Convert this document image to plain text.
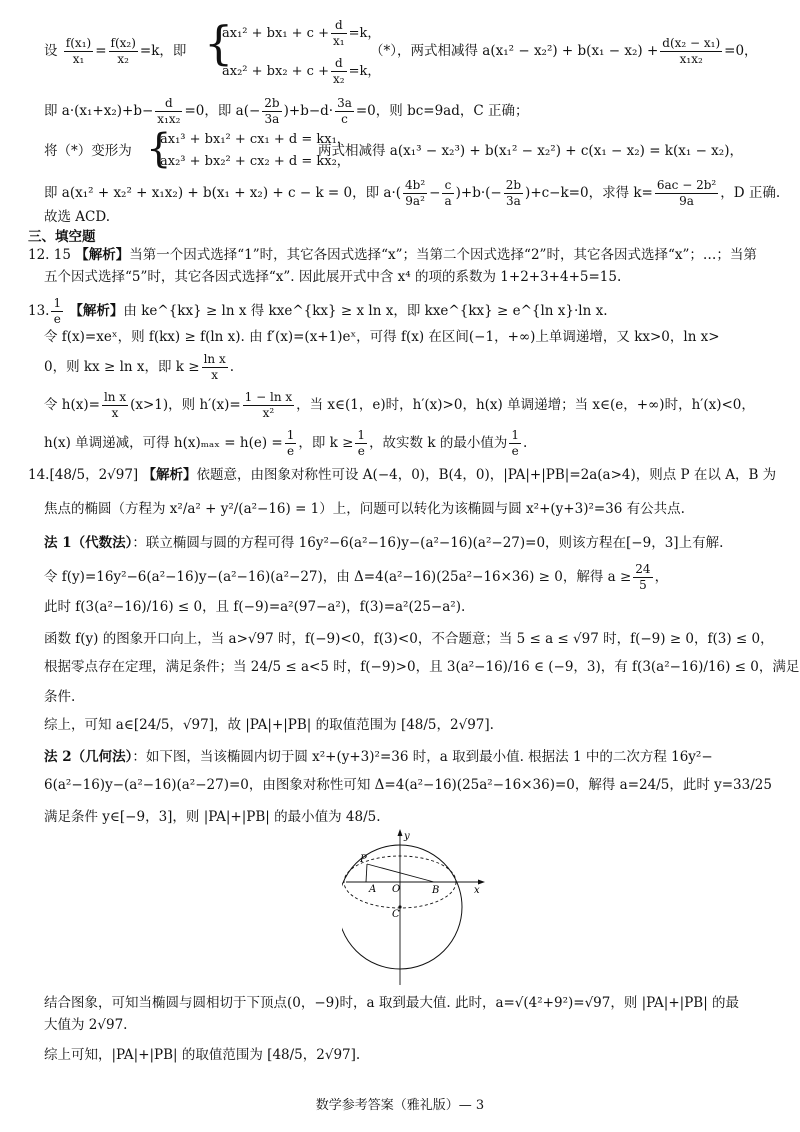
设 $\frac{\text{f(x₁)}}{\text{x₁}} = \frac{\text{f(x₂)}}{\text{x₂}} =k$，即 {
$ax_1^2 + bx_1 + c + \frac{d}{\text{x₁}} =k$，
$ax_2^2 + bx_2 + c + \frac{d}{\text{x₂}} =k$，
（*），两式相减得 $a(x_1^2 - x_2^2) + b(x_1 - x_2) + \frac{\text{d(x₂ − x₁)}}{\text{x₁x₂}} =0$，
即 $a\cdot(x_1+x_2)+b- \frac{d}{\text{x₁x₂}} =0$，即 $a(- \frac{2b}{3a} )+b-d\cdot \frac{3a}{c} =0$，则 bc=9ad，C 正确；
将（*）变形为 {
ax₁³ + bx₁² + cx₁ + d = kx₁，
ax₂³ + bx₂² + cx₂ + d = kx₂，
两式相减得 a(x₁³ − x₂³) + b(x₁² − x₂²) + c(x₁ − x₂) = k(x₁ − x₂)，
即 a(x₁² + x₂² + x₁x₂) + b(x₁ + x₂) + c − k = 0，即 $a\cdot( \frac{\text{4b²}}{\text{9a²}} - \frac{c}{a} )+b\cdot(- \frac{2b}{3a} )+c-k=0$，求得 $k= \frac{\text{6ac − 2b²}}{9a}$ ，D 正确.
故选 ACD.
三、填空题
12. 15 【解析】当第一个因式选择“1”时，其它各因式选择“x”；当第二个因式选择“2”时，其它各因式选择“x”；…；当第
五个因式选择“5”时，其它各因式选择“x”. 因此展开式中含 x⁴ 的项的系数为 1+2+3+4+5=15.
13. $\frac{1}{e}$ 【解析】由 ke^{kx} ≥ ln x 得 kxe^{kx} ≥ x ln x，即 kxe^{kx} ≥ e^{ln x}·ln x.
令 f(x)=xeˣ，则 f(kx) ≥ f(ln x). 由 f′(x)=(x+1)eˣ，可得 f(x) 在区间(−1，+∞)上单调递增，又 kx>0，ln x>
0，则 kx ≥ ln x，即 $k \ge \frac{\text{ln x}}{x}$ .
令 $h(x)= \frac{\text{ln x}}{x} (x>1)$，则 $h'(x)= \frac{\text{1 − ln x}}{\text{x²}}$ ，当 x∈(1，e)时，h′(x)>0，h(x) 单调递增；当 x∈(e，+∞)时，h′(x)<0，
h(x) 单调递减，可得 $h(x)_{max} = h(e) = \frac{1}{e}$ ，即 $k \ge \frac{1}{e}$ ，故实数 k 的最小值为 $\frac{1}{e}$ .
14.[48/5，2√97] 【解析】依题意，由图象对称性可设 A(−4，0)，B(4，0)，|PA|+|PB|=2a(a>4)，则点 P 在以 A，B 为
焦点的椭圆（方程为 x²/a² + y²/(a²−16) = 1）上，问题可以转化为该椭圆与圆 x²+(y+3)²=36 有公共点.
法 1（代数法）：联立椭圆与圆的方程可得 16y²−6(a²−16)y−(a²−16)(a²−27)=0，则该方程在[−9，3]上有解.
令 f(y)=16y²−6(a²−16)y−(a²−16)(a²−27)，由 Δ=4(a²−16)(25a²−16×36) ≥ 0，解得 $a \ge \frac{24}{5}$ ，
此时 f(3(a²−16)/16) ≤ 0，且 f(−9)=a²(97−a²)，f(3)=a²(25−a²).
函数 f(y) 的图象开口向上，当 a>√97 时，f(−9)<0，f(3)<0，不合题意；当 5 ≤ a ≤ √97 时，f(−9) ≥ 0，f(3) ≤ 0，
根据零点存在定理，满足条件；当 24/5 ≤ a<5 时，f(−9)>0，且 3(a²−16)/16 ∈ (−9，3)，有 f(3(a²−16)/16) ≤ 0，满足
条件.
综上，可知 a∈[24/5，√97]，故 |PA|+|PB| 的取值范围为 [48/5，2√97].
法 2（几何法）：如下图，当该椭圆内切于圆 x²+(y+3)²=36 时，a 取到最小值. 根据法 1 中的二次方程 16y²−
6(a²−16)y−(a²−16)(a²−27)=0，由图象对称性可知 Δ=4(a²−16)(25a²−16×36)=0，解得 a=24/5，此时 y=33/25
满足条件 y∈[−9，3]，则 |PA|+|PB| 的最小值为 48/5.
y
x
P
A O	B
C
结合图象，可知当椭圆与圆相切于下顶点(0，−9)时，a 取到最大值. 此时，a=√(4²+9²)=√97，则 |PA|+|PB| 的最
大值为 2√97.
综上可知，|PA|+|PB| 的取值范围为 [48/5，2√97].
数学参考答案（雅礼版）— 3
